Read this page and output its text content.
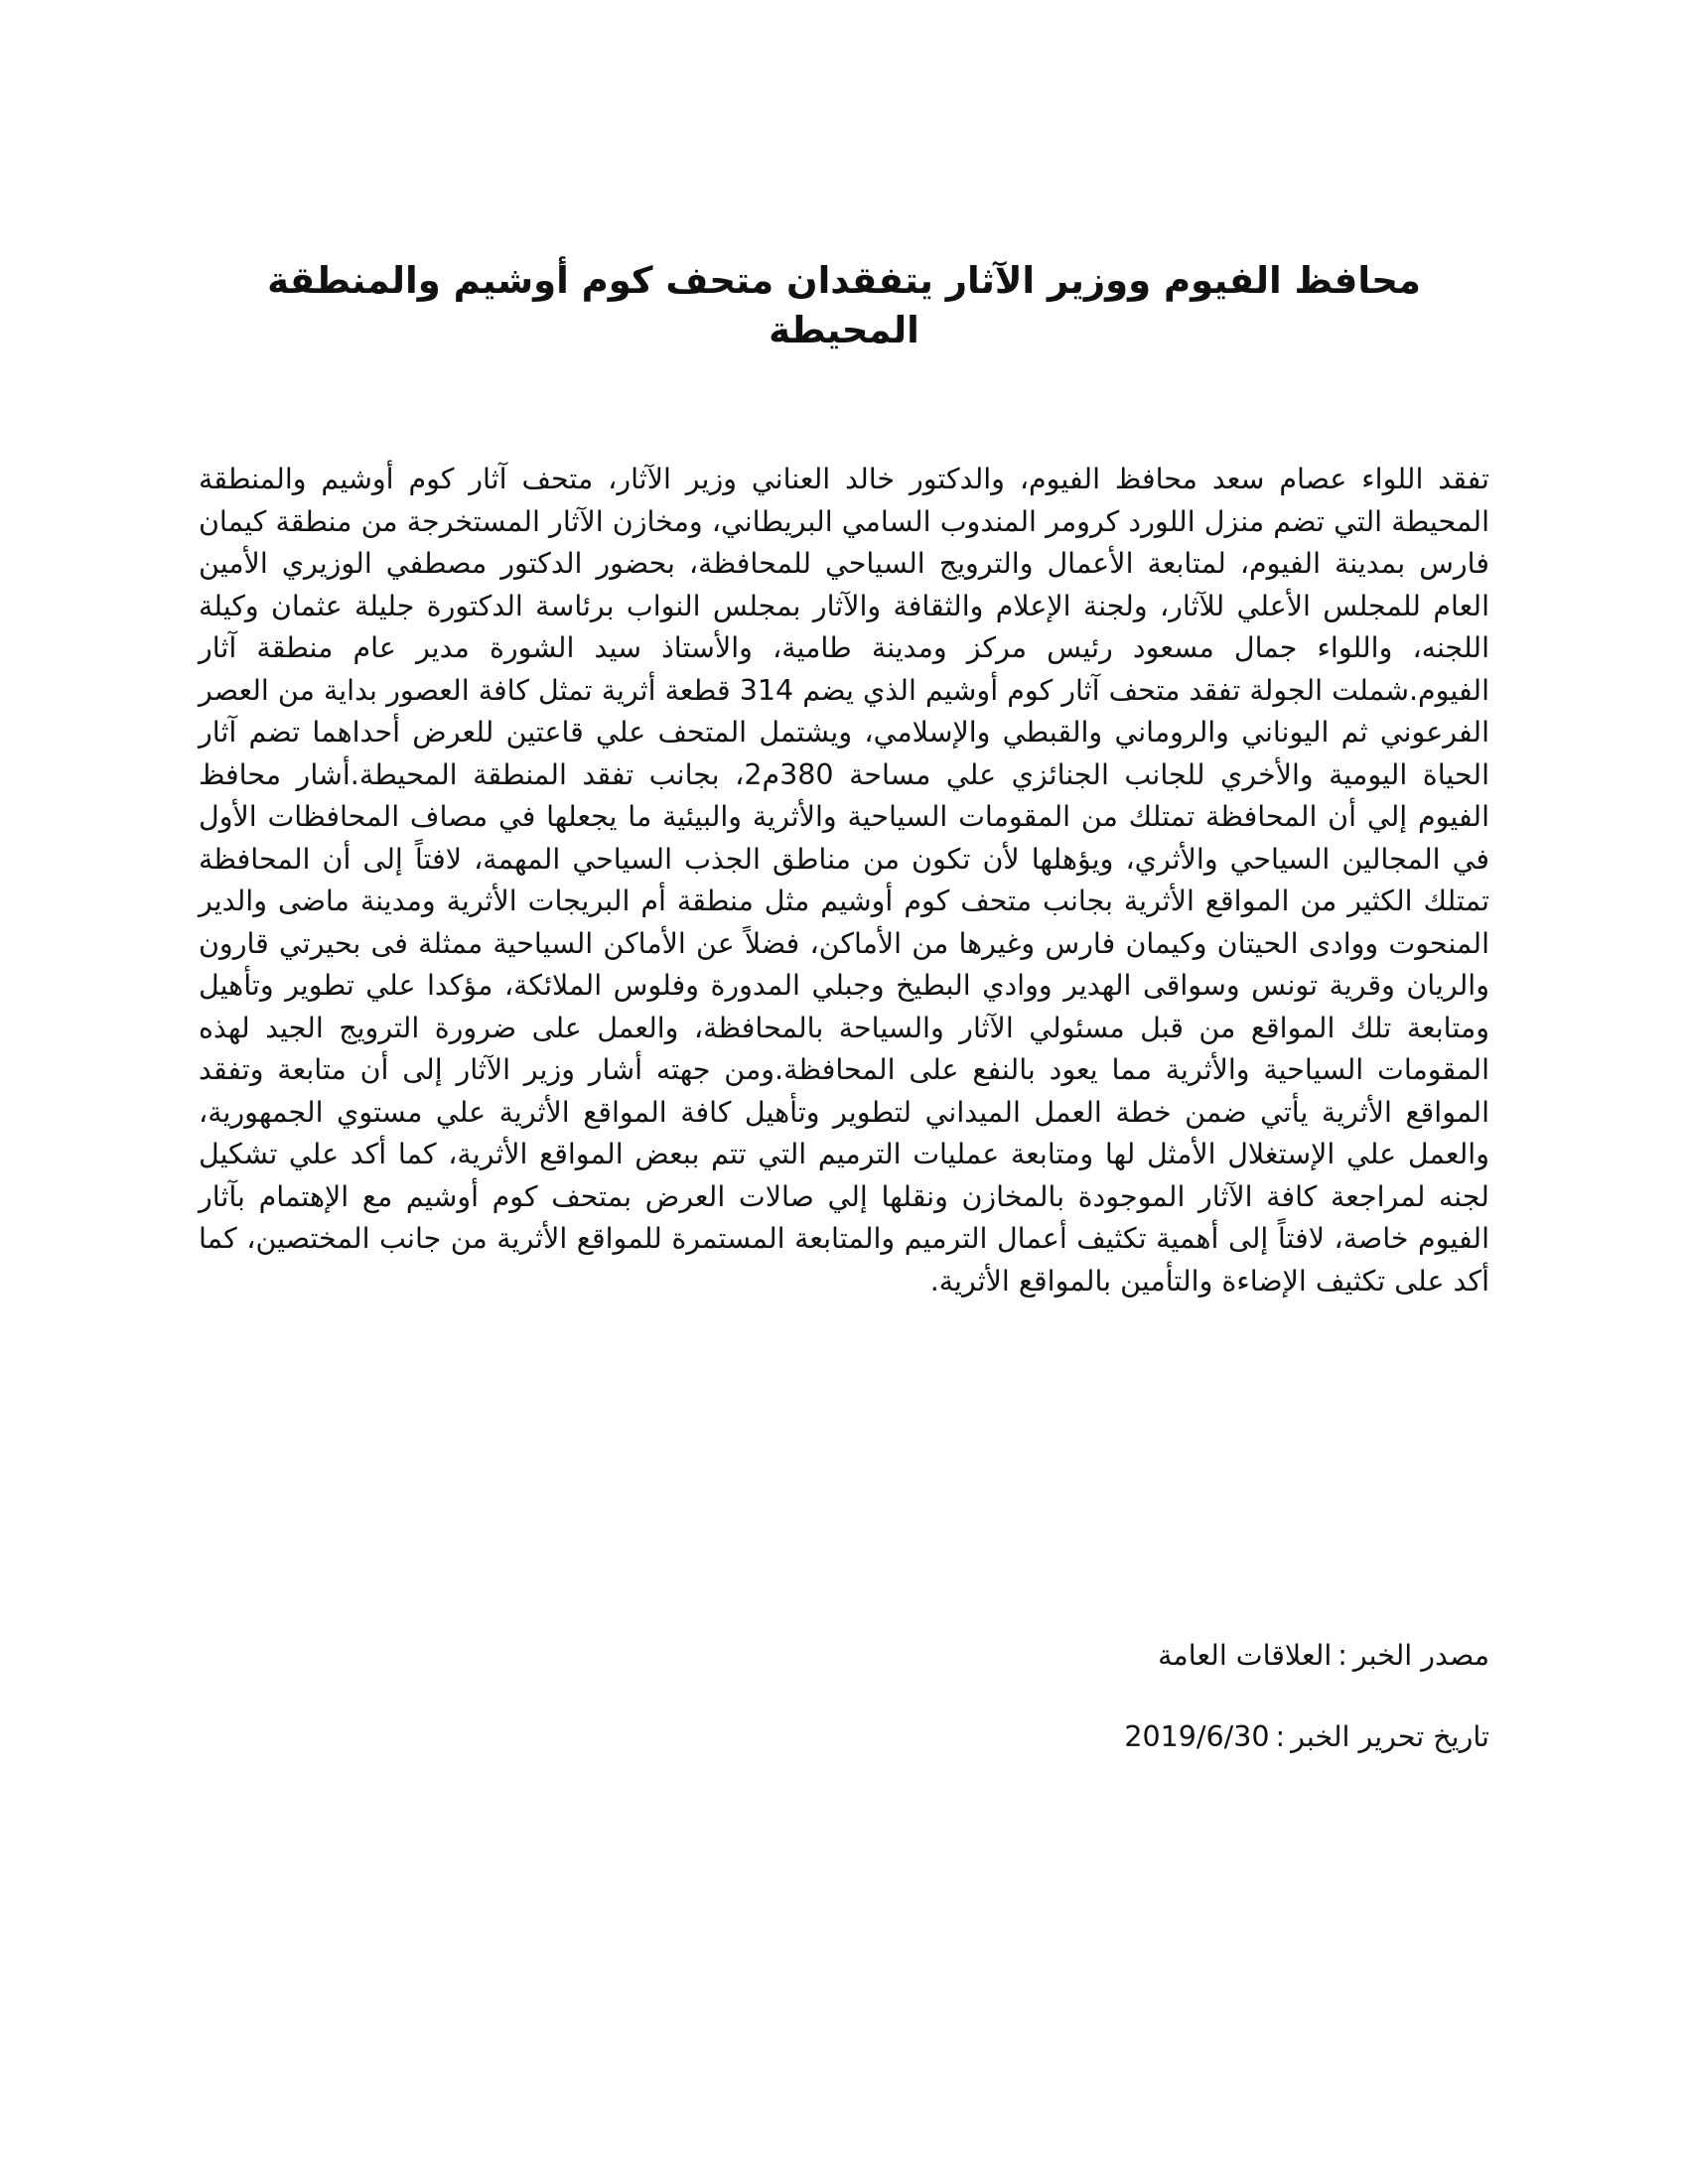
محافظ الفيوم ووزير الآثار يتفقدان متحف كوم أوشيم والمنطقة المحيطة

تفقد اللواء عصام سعد محافظ الفيوم، والدكتور خالد العناني وزير الآثار، متحف آثار كوم أوشيم والمنطقة المحيطة التي تضم منزل اللورد كرومر المندوب السامي البريطاني، ومخازن الآثار المستخرجة من منطقة كيمان فارس بمدينة الفيوم، لمتابعة الأعمال والترويج السياحي للمحافظة، بحضور الدكتور مصطفي الوزيري الأمين العام للمجلس الأعلي للآثار، ولجنة الإعلام والثقافة والآثار بمجلس النواب برئاسة الدكتورة جليلة عثمان وكيلة اللجنه، واللواء جمال مسعود رئيس مركز ومدينة طامية، والأستاذ سيد الشورة مدير عام منطقة آثار الفيوم.شملت الجولة تفقد متحف آثار كوم أوشيم الذي يضم 314 قطعة أثرية تمثل كافة العصور بداية من العصر الفرعوني ثم اليوناني والروماني والقبطي والإسلامي، ويشتمل المتحف علي قاعتين للعرض أحداهما تضم آثار الحياة اليومية والأخري للجانب الجنائزي علي مساحة 380م2، بجانب تفقد المنطقة المحيطة.أشار محافظ الفيوم إلي أن المحافظة تمتلك من المقومات السياحية والأثرية والبيئية ما يجعلها في مصاف المحافظات الأول في المجالين السياحي والأثري، ويؤهلها لأن تكون من مناطق الجذب السياحي المهمة، لافتاً إلى أن المحافظة تمتلك الكثير من المواقع الأثرية بجانب متحف كوم أوشيم مثل منطقة أم البريجات الأثرية ومدينة ماضى والدير المنحوت ووادى الحيتان وكيمان فارس وغيرها من الأماكن، فضلاً عن الأماكن السياحية ممثلة فى بحيرتي قارون والريان وقرية تونس وسواقى الهدير ووادي البطيخ وجبلي المدورة وفلوس الملائكة، مؤكدا علي تطوير وتأهيل ومتابعة تلك المواقع من قبل مسئولي الآثار والسياحة بالمحافظة، والعمل على ضرورة الترويج الجيد لهذه المقومات السياحية والأثرية مما يعود بالنفع على المحافظة.ومن جهته أشار وزير الآثار إلى أن متابعة وتفقد المواقع الأثرية يأتي ضمن خطة العمل الميداني لتطوير وتأهيل كافة المواقع الأثرية علي مستوي الجمهورية، والعمل علي الإستغلال الأمثل لها ومتابعة عمليات الترميم التي تتم ببعض المواقع الأثرية، كما أكد علي تشكيل لجنه لمراجعة كافة الآثار الموجودة بالمخازن ونقلها إلي صالات العرض بمتحف كوم أوشيم مع الإهتمام بآثار الفيوم خاصة، لافتاً إلى أهمية تكثيف أعمال الترميم والمتابعة المستمرة للمواقع الأثرية من جانب المختصين، كما أكد على تكثيف الإضاءة والتأمين بالمواقع الأثرية.

مصدر الخبر:العلاقات العامة

تاريخ تحرير الخبر:2019/6/30
